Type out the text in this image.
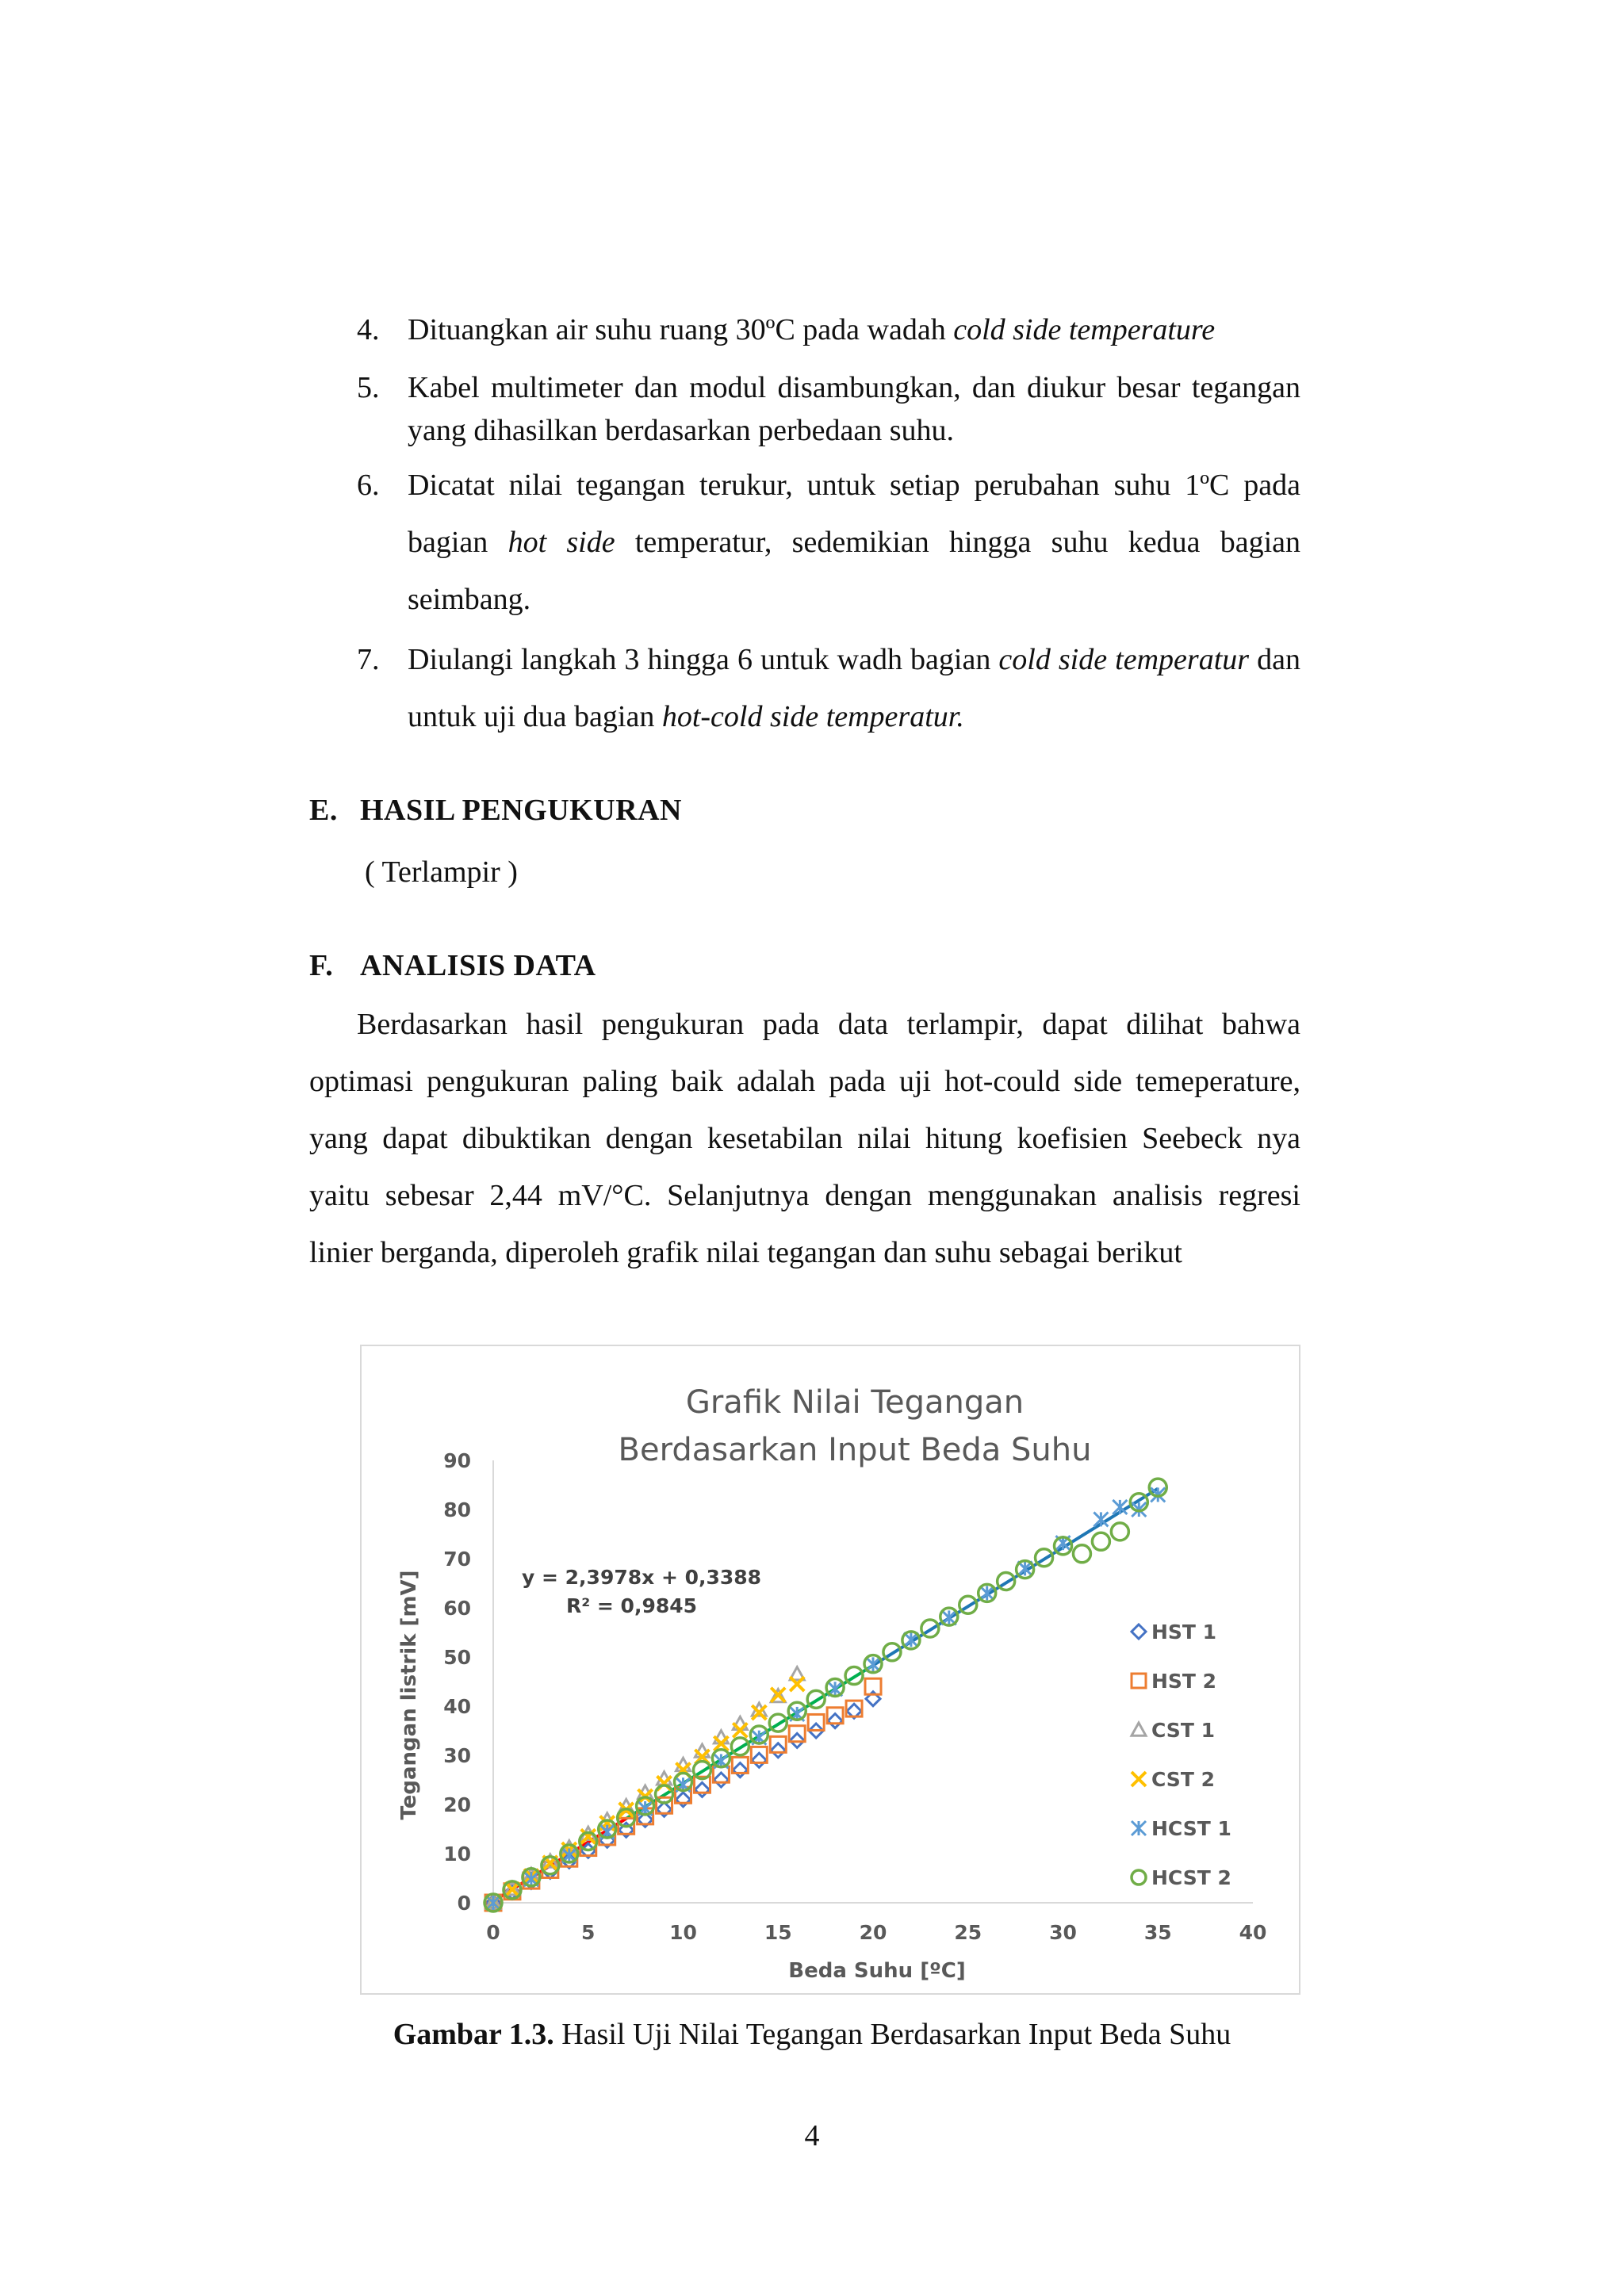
4. Dituangkan air suhu ruang 30ºC pada wadah cold side temperature
5. Kabel multimeter dan modul disambungkan, dan diukur besar tegangan yang dihasilkan berdasarkan perbedaan suhu.
6. Dicatat nilai tegangan terukur, untuk setiap perubahan suhu 1ºC pada bagian hot side temperatur, sedemikian hingga suhu kedua bagian seimbang.
7. Diulangi langkah 3 hingga 6 untuk wadh bagian cold side temperatur dan untuk uji dua bagian hot-cold side temperatur.
E. HASIL PENGUKURAN
( Terlampir )
F. ANALISIS DATA
Berdasarkan hasil pengukuran pada data terlampir, dapat dilihat bahwa optimasi pengukuran paling baik adalah pada uji hot-could side temeperature, yang dapat dibuktikan dengan kesetabilan nilai hitung koefisien Seebeck nya yaitu sebesar 2,44 mV/°C. Selanjutnya dengan menggunakan analisis regresi linier berganda, diperoleh grafik nilai tegangan dan suhu sebagai berikut
Grafik Nilai Tegangan
Berdasarkan Input Beda Suhu
0	5	10	15	20	25	30	35	40
0
10
20
30
40
50
60
70
80
90
HST 1
HST 2
CST 1
CST 2
HCST 1
HCST 2
y = 2,3978x + 0,3388
R² = 0,9845
Beda Suhu [ºC]
Tegangan listrik [mV]
Gambar 1.3. Hasil Uji Nilai Tegangan Berdasarkan Input Beda Suhu
4
